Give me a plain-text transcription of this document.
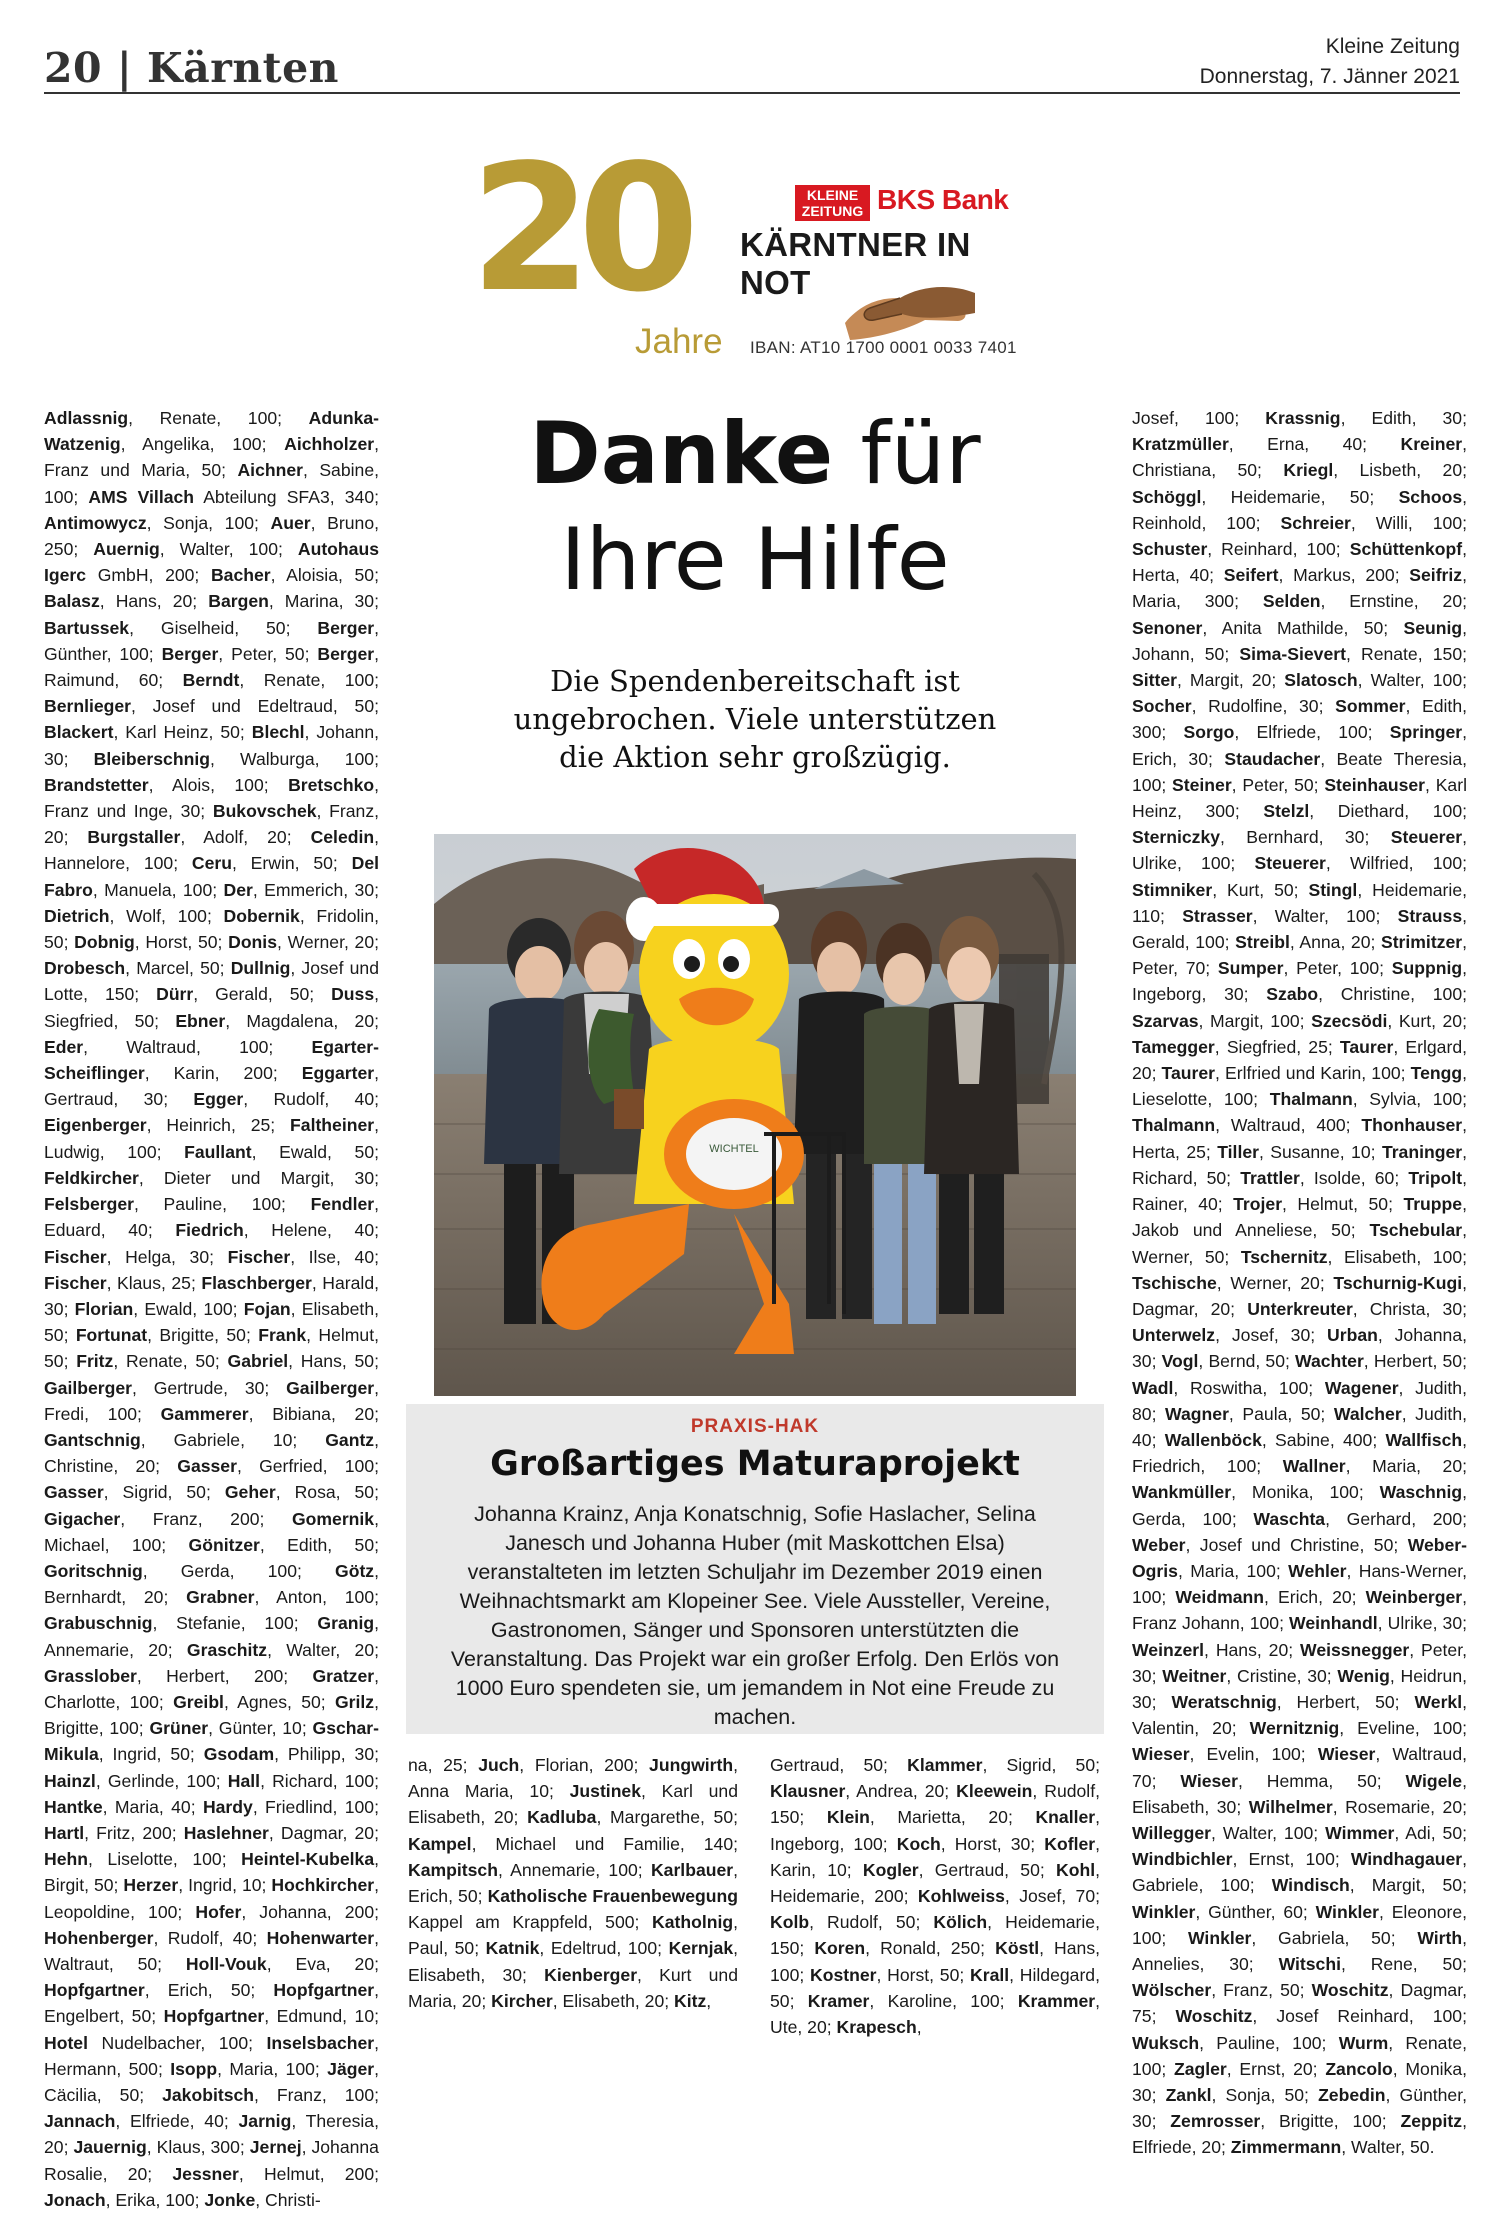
20 | Kärnten	Kleine Zeitung
Donnerstag, 7. Jänner 2021
20
Jahre
KLEINE
ZEITUNG BKS Bank
KÄRNTNER IN NOT
IBAN: AT10 1700 0001 0033 7401
Adlassnig, Renate, 100; Adunka-Watzenig, Angelika, 100; Aichholzer, Franz und Maria, 50; Aichner, Sabine, 100; AMS Villach Abteilung SFA3, 340; Antimowycz, Sonja, 100; Auer, Bruno, 250; Auernig, Walter, 100; Autohaus Igerc GmbH, 200; Bacher, Aloisia, 50; Balasz, Hans, 20; Bargen, Marina, 30; Bartussek, Giselheid, 50; Berger, Günther, 100; Berger, Peter, 50; Berger, Raimund, 60; Berndt, Renate, 100; Bernlieger, Josef und Edeltraud, 50; Blackert, Karl Heinz, 50; Blechl, Johann, 30; Bleiberschnig, Walburga, 100; Brandstetter, Alois, 100; Bretschko, Franz und Inge, 30; Bukovschek, Franz, 20; Burgstaller, Adolf, 20; Celedin, Hannelore, 100; Ceru, Erwin, 50; Del Fabro, Manuela, 100; Der, Emmerich, 30; Dietrich, Wolf, 100; Dobernik, Fridolin, 50; Dobnig, Horst, 50; Donis, Werner, 20; Drobesch, Marcel, 50; Dullnig, Josef und Lotte, 150; Dürr, Gerald, 50; Duss, Siegfried, 50; Ebner, Magdalena, 20; Eder, Waltraud, 100; Egarter-Scheiflinger, Karin, 200; Eggarter, Gertraud, 30; Egger, Rudolf, 40; Eigenberger, Heinrich, 25; Faltheiner, Ludwig, 100; Faullant, Ewald, 50; Feldkircher, Dieter und Margit, 30; Felsberger, Pauline, 100; Fendler, Eduard, 40; Fiedrich, Helene, 40; Fischer, Helga, 30; Fischer, Ilse, 40; Fischer, Klaus, 25; Flaschberger, Harald, 30; Florian, Ewald, 100; Fojan, Elisabeth, 50; Fortunat, Brigitte, 50; Frank, Helmut, 50; Fritz, Renate, 50; Gabriel, Hans, 50; Gailberger, Gertrude, 30; Gailberger, Fredi, 100; Gammerer, Bibiana, 20; Gantschnig, Gabriele, 10; Gantz, Christine, 20; Gasser, Gerfried, 100; Gasser, Sigrid, 50; Geher, Rosa, 50; Gigacher, Franz, 200; Gomernik, Michael, 100; Gönitzer, Edith, 50; Goritschnig, Gerda, 100; Götz, Bernhardt, 20; Grabner, Anton, 100; Grabuschnig, Stefanie, 100; Granig, Annemarie, 20; Graschitz, Walter, 20; Grasslober, Herbert, 200; Gratzer, Charlotte, 100; Greibl, Agnes, 50; Grilz, Brigitte, 100; Grüner, Günter, 10; Gschar-Mikula, Ingrid, 50; Gsodam, Philipp, 30; Hainzl, Gerlinde, 100; Hall, Richard, 100; Hantke, Maria, 40; Hardy, Friedlind, 100; Hartl, Fritz, 200; Haslehner, Dagmar, 20; Hehn, Liselotte, 100; Heintel-Kubelka, Birgit, 50; Herzer, Ingrid, 10; Hochkircher, Leopoldine, 100; Hofer, Johanna, 200; Hohenberger, Rudolf, 40; Hohenwarter, Waltraut, 50; Holl-Vouk, Eva, 20; Hopfgartner, Erich, 50; Hopfgartner, Engelbert, 50; Hopfgartner, Edmund, 10; Hotel Nudelbacher, 100; Inselsbacher, Hermann, 500; Isopp, Maria, 100; Jäger, Cäcilia, 50; Jakobitsch, Franz, 100; Jannach, Elfriede, 40; Jarnig, Theresia, 20; Jauernig, Klaus, 300; Jernej, Johanna Rosalie, 20; Jessner, Helmut, 200; Jonach, Erika, 100; Jonke, Christi-
Josef, 100; Krassnig, Edith, 30; Kratzmüller, Erna, 40; Kreiner, Christiana, 50; Kriegl, Lisbeth, 20; Schöggl, Heidemarie, 50; Schoos, Reinhold, 100; Schreier, Willi, 100; Schuster, Reinhard, 100; Schüttenkopf, Herta, 40; Seifert, Markus, 200; Seifriz, Maria, 300; Selden, Ernstine, 20; Senoner, Anita Mathilde, 50; Seunig, Johann, 50; Sima-Sievert, Renate, 150; Sitter, Margit, 20; Slatosch, Walter, 100; Socher, Rudolfine, 30; Sommer, Edith, 300; Sorgo, Elfriede, 100; Springer, Erich, 30; Staudacher, Beate Theresia, 100; Steiner, Peter, 50; Steinhauser, Karl Heinz, 300; Stelzl, Diethard, 100; Sterniczky, Bernhard, 30; Steuerer, Ulrike, 100; Steuerer, Wilfried, 100; Stimniker, Kurt, 50; Stingl, Heidemarie, 110; Strasser, Walter, 100; Strauss, Gerald, 100; Streibl, Anna, 20; Strimitzer, Peter, 70; Sumper, Peter, 100; Suppnig, Ingeborg, 30; Szabo, Christine, 100; Szarvas, Margit, 100; Szecsödi, Kurt, 20; Tamegger, Siegfried, 25; Taurer, Erlgard, 20; Taurer, Erlfried und Karin, 100; Tengg, Lieselotte, 100; Thalmann, Sylvia, 100; Thalmann, Waltraud, 400; Thonhauser, Herta, 25; Tiller, Susanne, 10; Traninger, Richard, 50; Trattler, Isolde, 60; Tripolt, Rainer, 40; Trojer, Helmut, 50; Truppe, Jakob und Anneliese, 50; Tschebular, Werner, 50; Tschernitz, Elisabeth, 100; Tschische, Werner, 20; Tschurnig-Kugi, Dagmar, 20; Unterkreuter, Christa, 30; Unterwelz, Josef, 30; Urban, Johanna, 30; Vogl, Bernd, 50; Wachter, Herbert, 50; Wadl, Roswitha, 100; Wagener, Judith, 80; Wagner, Paula, 50; Walcher, Judith, 40; Wallenböck, Sabine, 400; Wallfisch, Friedrich, 100; Wallner, Maria, 20; Wankmüller, Monika, 100; Waschnig, Gerda, 100; Waschta, Gerhard, 200; Weber, Josef und Christine, 50; Weber-Ogris, Maria, 100; Wehler, Hans-Werner, 100; Weidmann, Erich, 20; Weinberger, Franz Johann, 100; Weinhandl, Ulrike, 30; Weinzerl, Hans, 20; Weissnegger, Peter, 30; Weitner, Cristine, 30; Wenig, Heidrun, 30; Weratschnig, Herbert, 50; Werkl, Valentin, 20; Wernitznig, Eveline, 100; Wieser, Evelin, 100; Wieser, Waltraud, 70; Wieser, Hemma, 50; Wigele, Elisabeth, 30; Wilhelmer, Rosemarie, 20; Willegger, Walter, 100; Wimmer, Adi, 50; Windbichler, Ernst, 100; Windhagauer, Gabriele, 100; Windisch, Margit, 50; Winkler, Günther, 60; Winkler, Eleonore, 100; Winkler, Gabriela, 50; Wirth, Annelies, 30; Witschi, Rene, 50; Wölscher, Franz, 50; Woschitz, Dagmar, 75; Woschitz, Josef Reinhard, 100; Wuksch, Pauline, 100; Wurm, Renate, 100; Zagler, Ernst, 20; Zancolo, Monika, 30; Zankl, Sonja, 50; Zebedin, Günther, 30; Zemrosser, Brigitte, 100; Zeppitz, Elfriede, 20; Zimmermann, Walter, 50.
na, 25; Juch, Florian, 200; Jungwirth, Anna Maria, 10; Justinek, Karl und Elisabeth, 20; Kadluba, Margarethe, 50; Kampel, Michael und Familie, 140; Kampitsch, Annemarie, 100; Karlbauer, Erich, 50; Katholische Frauenbewegung Kappel am Krappfeld, 500; Katholnig, Paul, 50; Katnik, Edeltrud, 100; Kernjak, Elisabeth, 30; Kienberger, Kurt und Maria, 20; Kircher, Elisabeth, 20; Kitz,
Gertraud, 50; Klammer, Sigrid, 50; Klausner, Andrea, 20; Kleewein, Rudolf, 150; Klein, Marietta, 20; Knaller, Ingeborg, 100; Koch, Horst, 30; Kofler, Karin, 10; Kogler, Gertraud, 50; Kohl, Heidemarie, 200; Kohlweiss, Josef, 70; Kolb, Rudolf, 50; Kölich, Heidemarie, 150; Koren, Ronald, 250; Köstl, Hans, 100; Kostner, Horst, 50; Krall, Hildegard, 50; Kramer, Karoline, 100; Krammer, Ute, 20; Krapesch,
Danke für
Ihre Hilfe
Die Spendenbereitschaft ist
ungebrochen. Viele unterstützen
die Aktion sehr großzügig.
WICHTEL
PRAXIS-HAK
Großartiges Maturaprojekt
Johanna Krainz, Anja Konatschnig, Sofie Haslacher, Selina Janesch und Johanna Huber (mit Maskottchen Elsa) veranstalteten im letzten Schuljahr im Dezember 2019 einen Weihnachtsmarkt am Klopeiner See. Viele Aussteller, Vereine, Gastronomen, Sänger und Sponsoren unterstützten die Veranstaltung. Das Projekt war ein großer Erfolg. Den Erlös von 1000 Euro spendeten sie, um jemandem in Not eine Freude zu machen.
